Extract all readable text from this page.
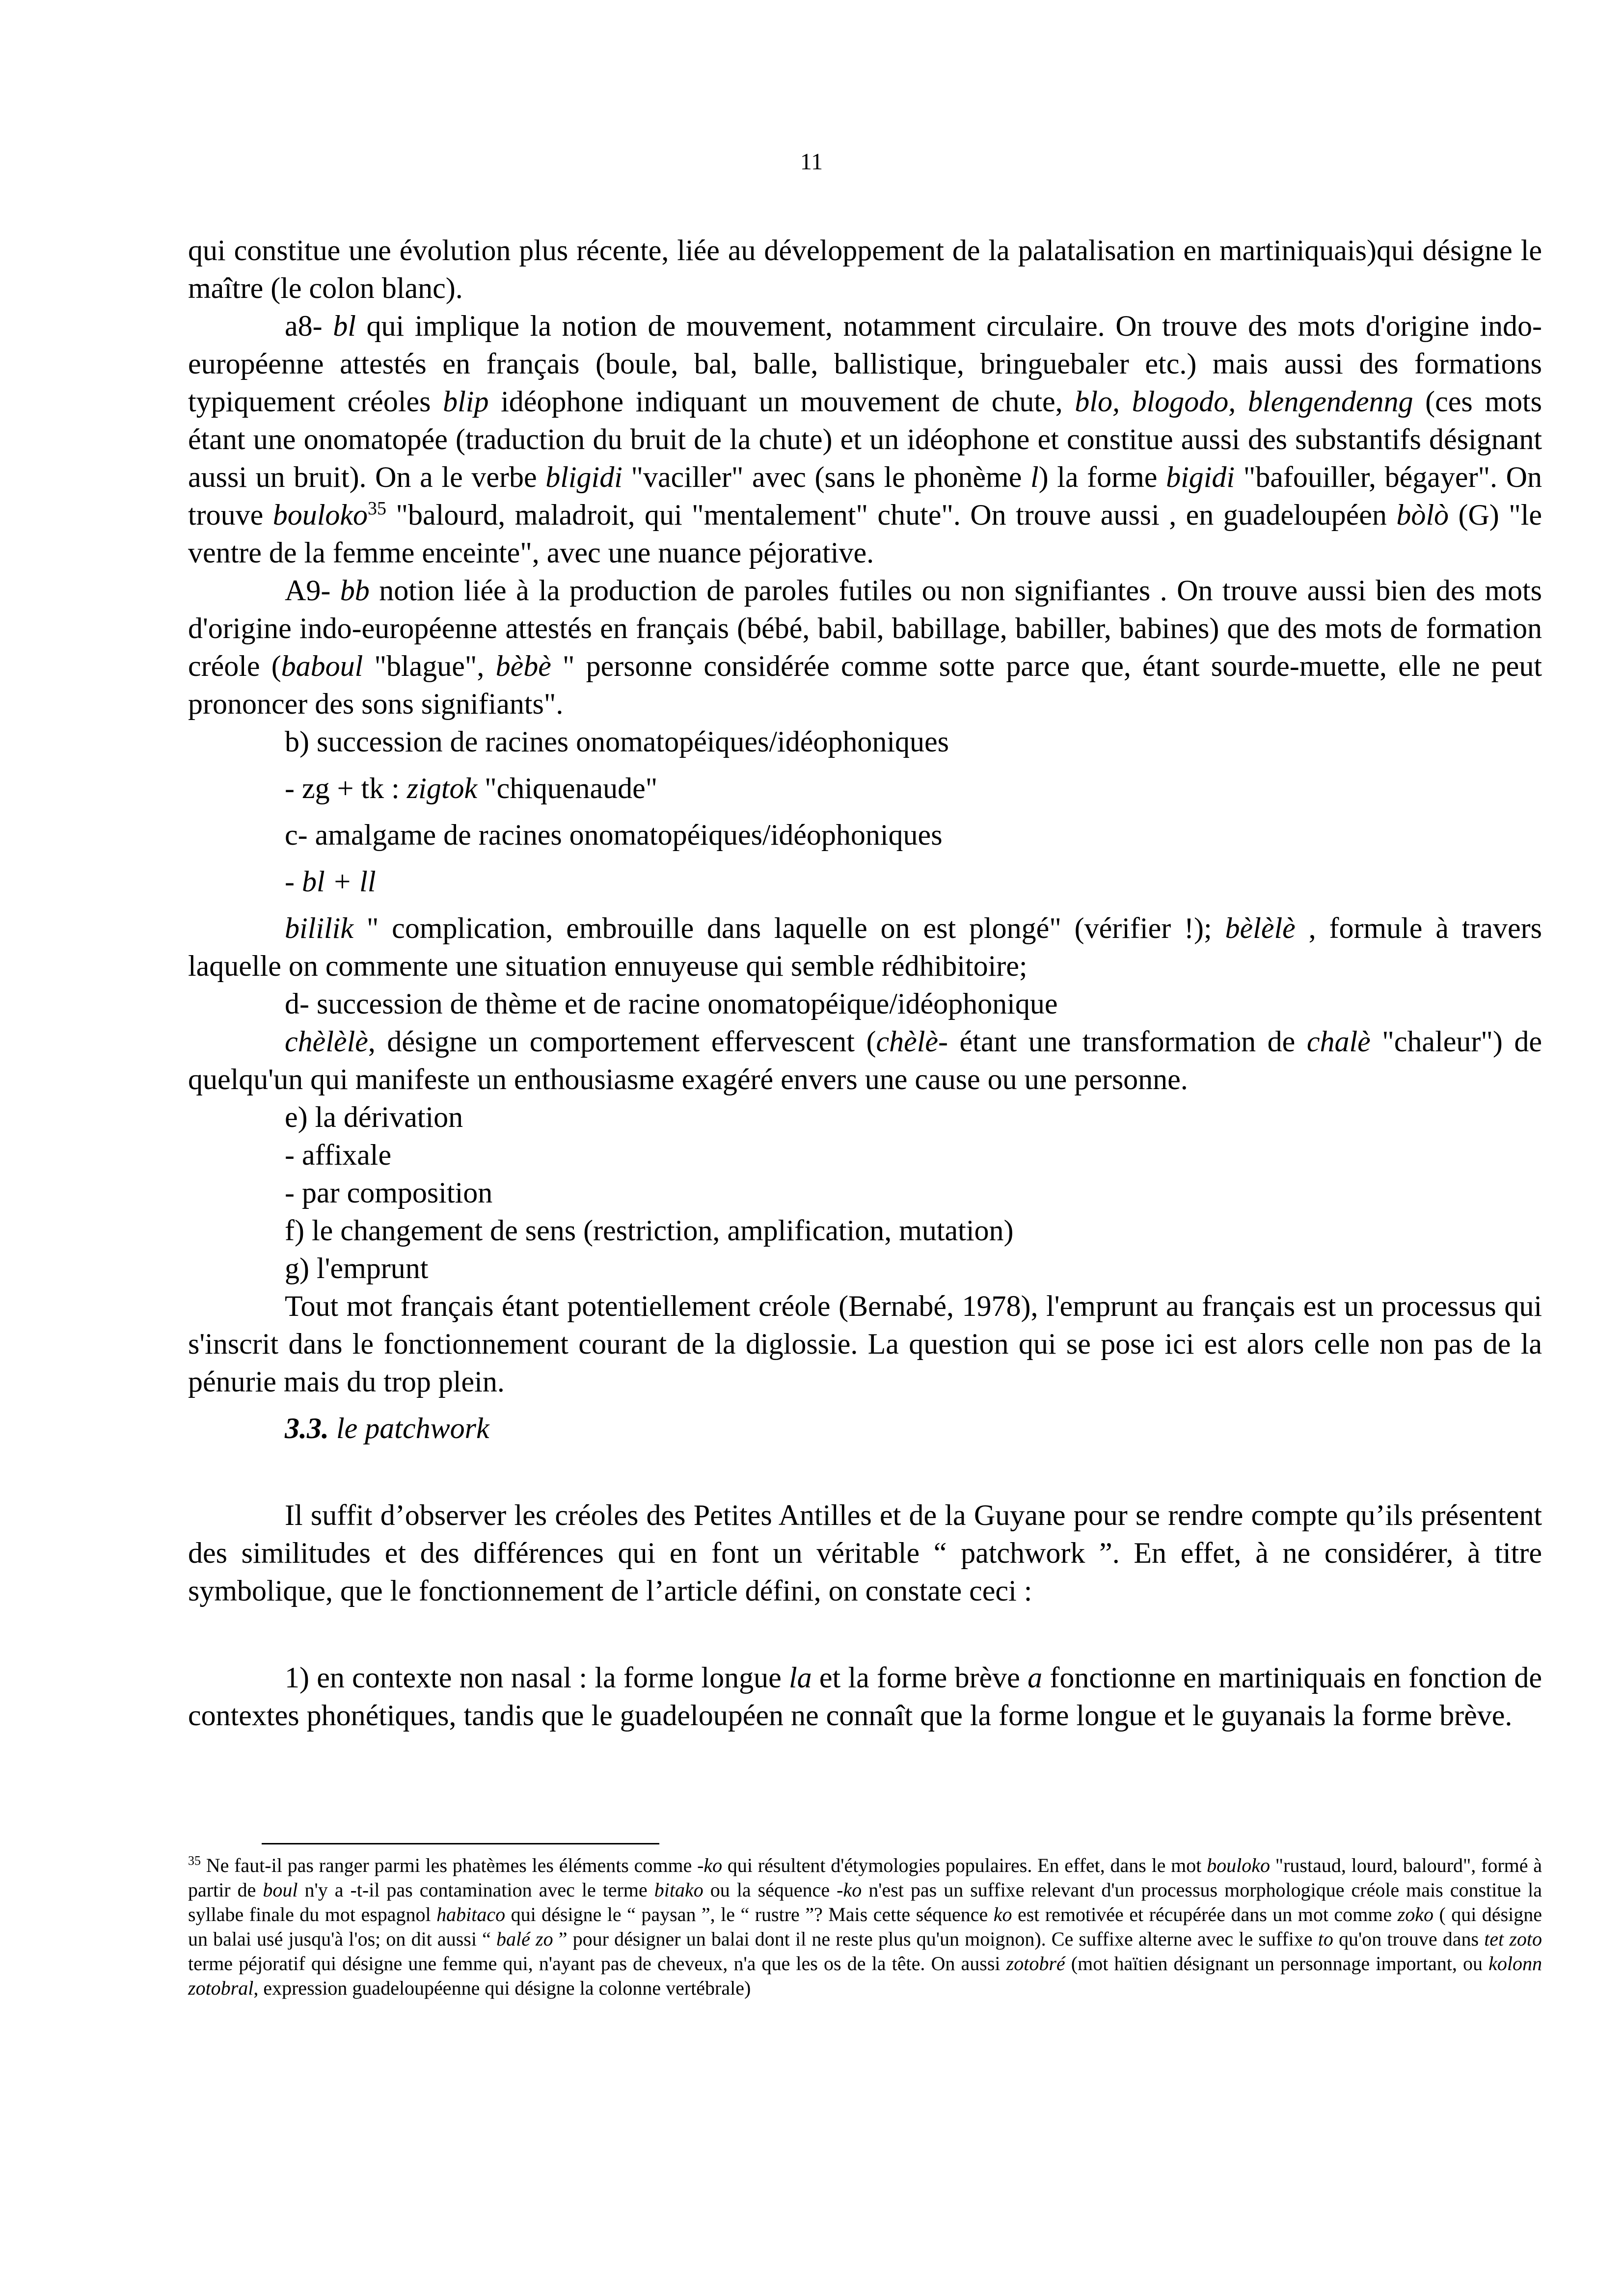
11

qui constitue une évolution plus récente, liée au développement de la palatalisation en martiniquais)qui désigne le maître (le colon blanc).

a8- bl qui implique la notion de mouvement, notamment circulaire. On trouve des mots d'origine indo-européenne attestés en français (boule, bal, balle, ballistique, bringuebaler etc.) mais aussi des formations typiquement créoles blip idéophone indiquant un mouvement de chute, blo, blogodo, blengendenng (ces mots étant une onomatopée (traduction du bruit de la chute) et un idéophone et constitue aussi des substantifs désignant aussi un bruit). On a le verbe bligidi "vaciller" avec (sans le phonème l) la forme bigidi "bafouiller, bégayer". On trouve bouloko$^{35}$ "balourd, maladroit, qui "mentalement" chute". On trouve aussi , en guadeloupéen bòlò (G) "le ventre de la femme enceinte", avec une nuance péjorative.

A9- bb notion liée à la production de paroles futiles ou non signifiantes . On trouve aussi bien des mots d'origine indo-européenne attestés en français (bébé, babil, babillage, babiller, babines) que des mots de formation créole (baboul "blague", bèbè " personne considérée comme sotte parce que, étant sourde-muette, elle ne peut prononcer des sons signifiants".

b) succession de racines onomatopéiques/idéophoniques

- zg + tk : zigtok "chiquenaude"

c- amalgame de racines onomatopéiques/idéophoniques

- bl + ll

bililik " complication, embrouille dans laquelle on est plongé" (vérifier !); bèlèlè , formule à travers laquelle on commente une situation ennuyeuse qui semble rédhibitoire;

d- succession de thème et de racine onomatopéique/idéophonique

chèlèlè, désigne un comportement effervescent (chèlè- étant une transformation de chalè "chaleur") de quelqu'un qui manifeste un enthousiasme exagéré envers une cause ou une personne.

e) la dérivation

- affixale

- par composition

f) le changement de sens (restriction, amplification, mutation)

g) l'emprunt

Tout mot français étant potentiellement créole (Bernabé, 1978), l'emprunt au français est un processus qui s'inscrit dans le fonctionnement courant de la diglossie. La question qui se pose ici est alors celle non pas de la pénurie mais du trop plein.

3.3. le patchwork

Il suffit d’observer les créoles des Petites Antilles et de la Guyane pour se rendre compte qu’ils présentent des similitudes et des différences qui en font un véritable “ patchwork ”. En effet, à ne considérer, à titre symbolique, que le fonctionnement de l’article défini, on constate ceci :

1) en contexte non nasal : la forme longue la et la forme brève a fonctionne en martiniquais en fonction de contextes phonétiques, tandis que le guadeloupéen ne connaît que la forme longue et le guyanais la forme brève.

$^{35}$ Ne faut-il pas ranger parmi les phatèmes les éléments comme -ko qui résultent d'étymologies populaires. En effet, dans le mot bouloko "rustaud, lourd, balourd", formé à partir de boul n'y a -t-il pas contamination avec le terme bitako ou la séquence -ko n'est pas un suffixe relevant d'un processus morphologique créole mais constitue la syllabe finale du mot espagnol habitaco qui désigne le “ paysan ”, le “ rustre ”? Mais cette séquence ko est remotivée et récupérée dans un mot comme zoko ( qui désigne un balai usé jusqu'à l'os; on dit aussi “ balé zo ” pour désigner un balai dont il ne reste plus qu'un moignon). Ce suffixe alterne avec le suffixe to qu'on trouve dans tet zoto terme péjoratif qui désigne une femme qui, n'ayant pas de cheveux, n'a que les os de la tête. On aussi zotobré (mot haïtien désignant un personnage important, ou kolonn zotobral, expression guadeloupéenne qui désigne la colonne vertébrale)
